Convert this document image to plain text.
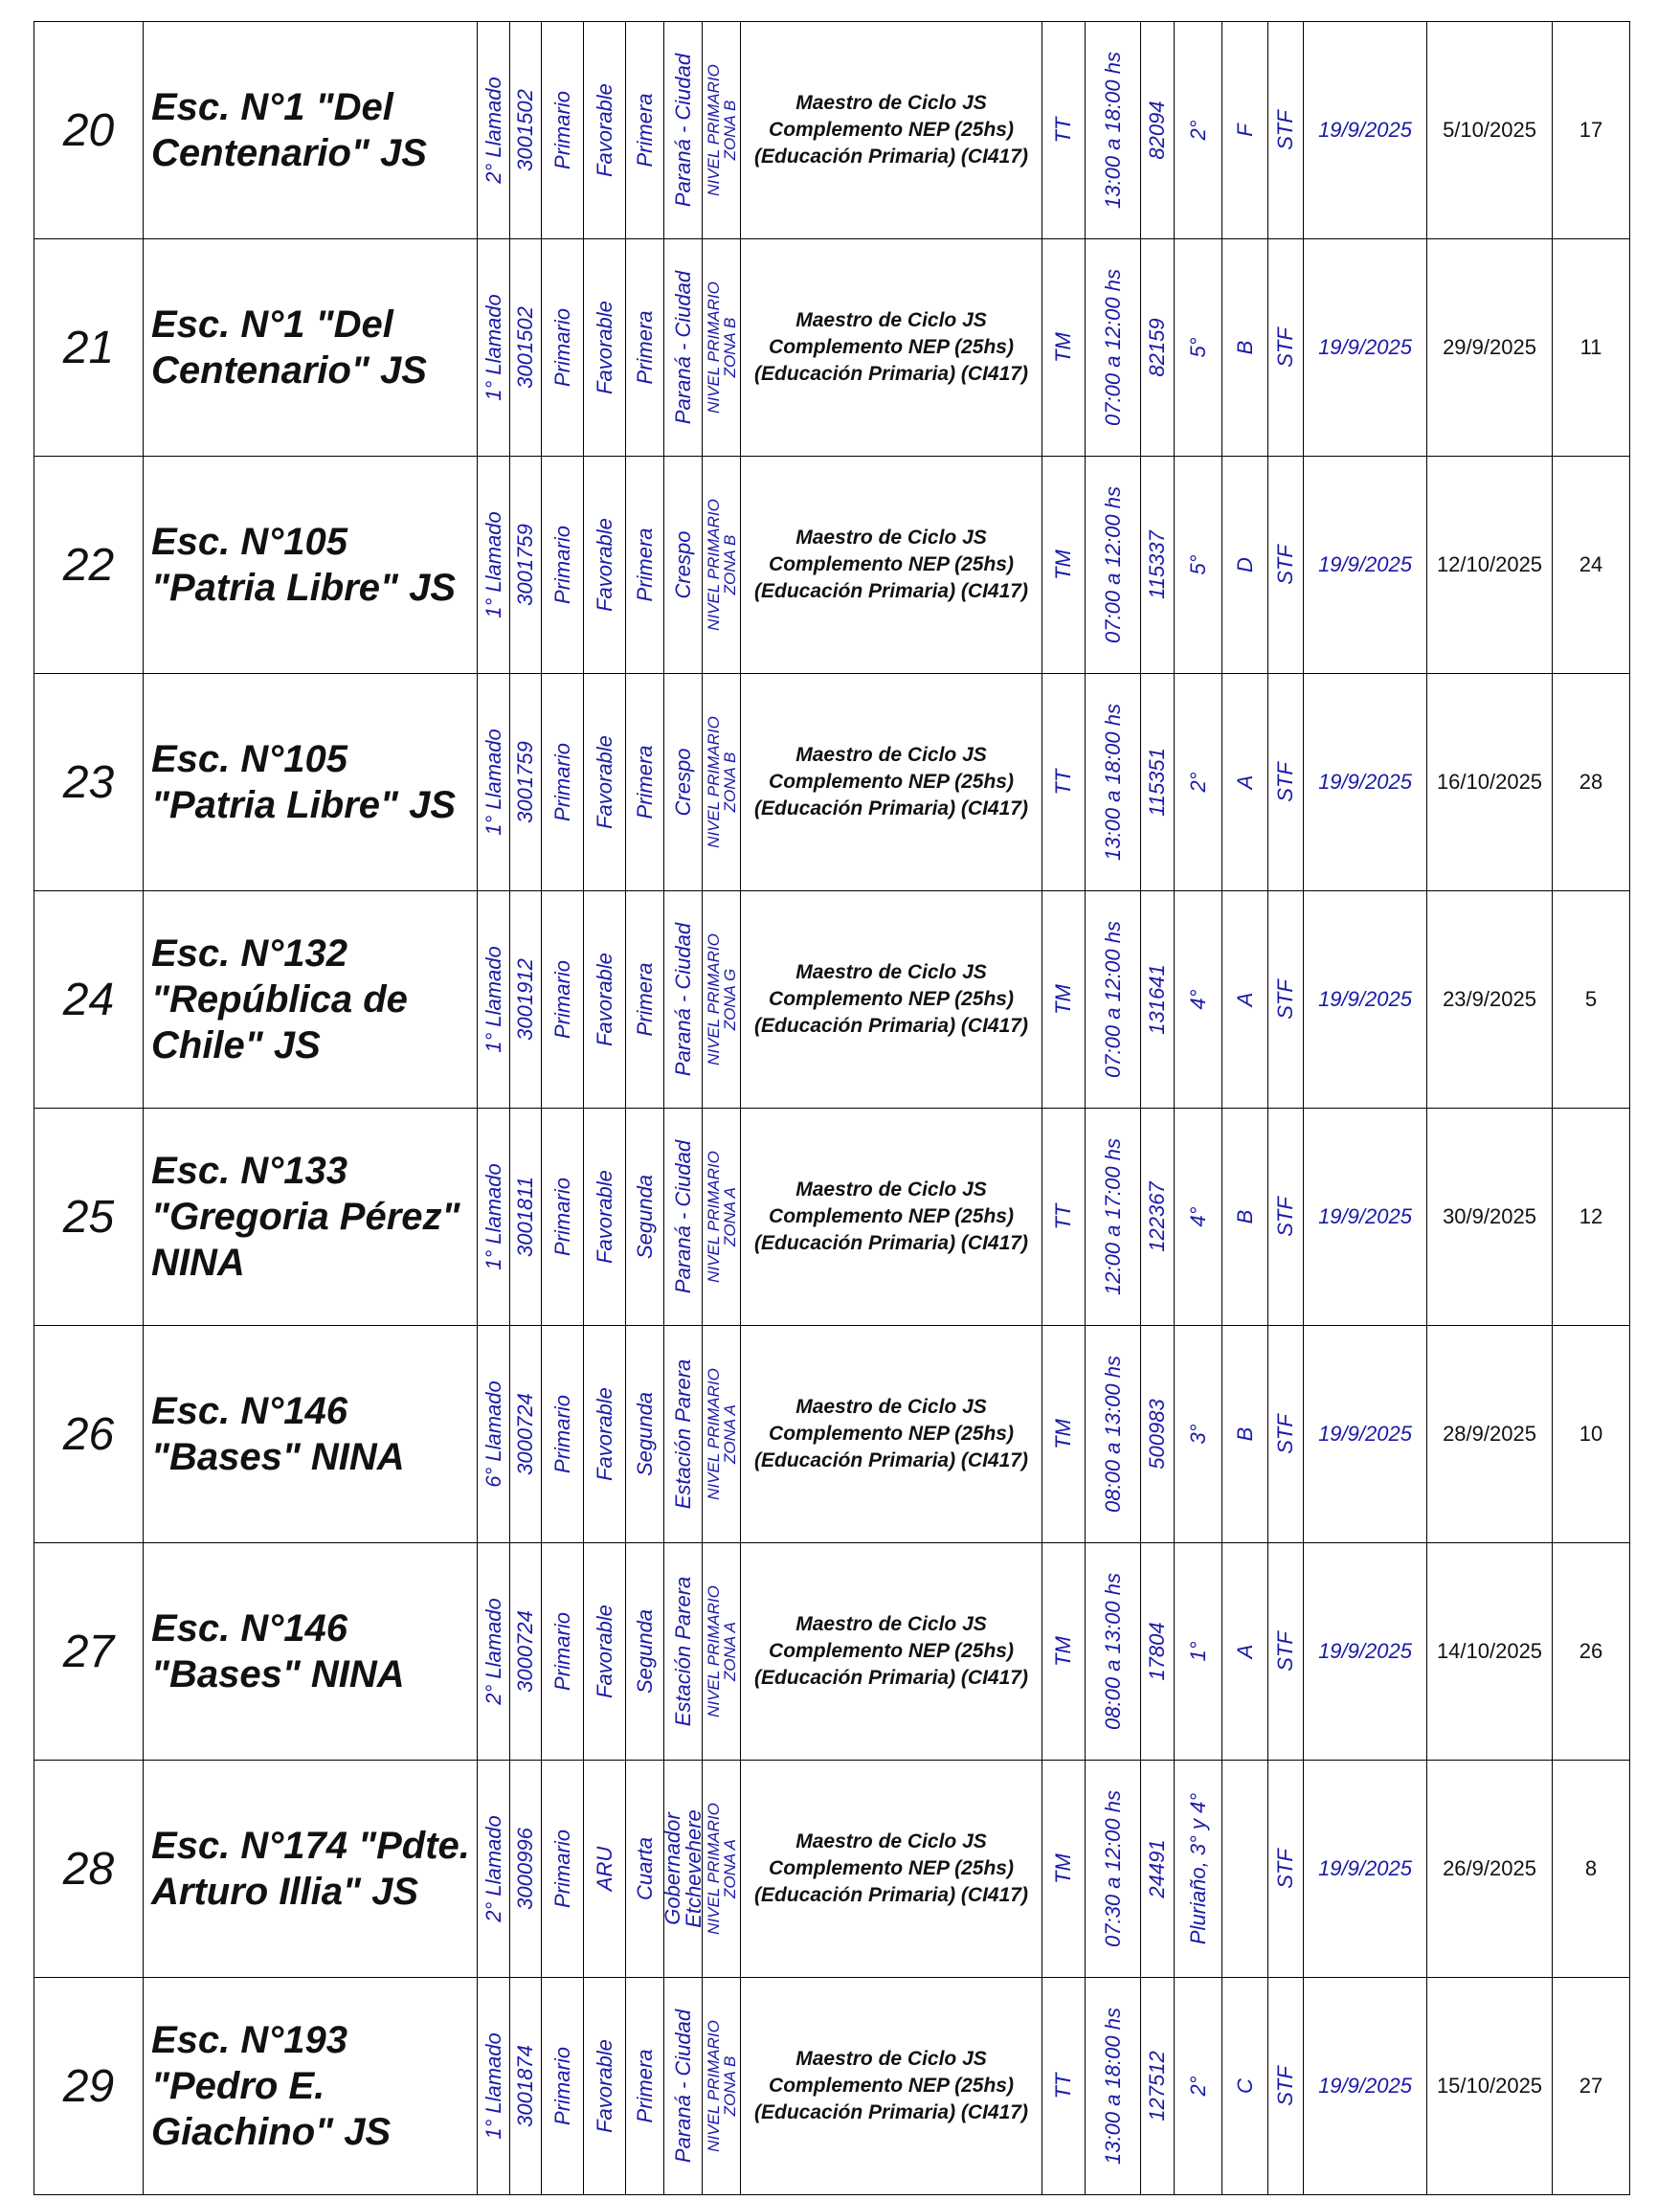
20	Esc. N°1 "Del Centenario" JS	2° Llamado	3001502	Primario	Favorable	Primera	Paraná - Ciudad	NIVEL PRIMARIO
ZONA B	Maestro de Ciclo JS Complemento NEP (25hs) (Educación Primaria) (CI417)	TT	13:00 a 18:00 hs	82094	2°	F	STF	19/9/2025	5/10/2025	17
21	Esc. N°1 "Del Centenario" JS	1° Llamado	3001502	Primario	Favorable	Primera	Paraná - Ciudad	NIVEL PRIMARIO
ZONA B	Maestro de Ciclo JS Complemento NEP (25hs) (Educación Primaria) (CI417)	TM	07:00 a 12:00 hs	82159	5°	B	STF	19/9/2025	29/9/2025	11
22	Esc. N°105 "Patria Libre" JS	1° Llamado	3001759	Primario	Favorable	Primera	Crespo	NIVEL PRIMARIO
ZONA B	Maestro de Ciclo JS Complemento NEP (25hs) (Educación Primaria) (CI417)	TM	07:00 a 12:00 hs	115337	5°	D	STF	19/9/2025	12/10/2025	24
23	Esc. N°105 "Patria Libre" JS	1° Llamado	3001759	Primario	Favorable	Primera	Crespo	NIVEL PRIMARIO
ZONA B	Maestro de Ciclo JS Complemento NEP (25hs) (Educación Primaria) (CI417)	TT	13:00 a 18:00 hs	115351	2°	A	STF	19/9/2025	16/10/2025	28
24	Esc. N°132 "República de Chile" JS	1° Llamado	3001912	Primario	Favorable	Primera	Paraná - Ciudad	NIVEL PRIMARIO
ZONA G	Maestro de Ciclo JS Complemento NEP (25hs) (Educación Primaria) (CI417)	TM	07:00 a 12:00 hs	131641	4°	A	STF	19/9/2025	23/9/2025	5
25	Esc. N°133 "Gregoria Pérez" NINA	1° Llamado	3001811	Primario	Favorable	Segunda	Paraná - Ciudad	NIVEL PRIMARIO
ZONA A	Maestro de Ciclo JS Complemento NEP (25hs) (Educación Primaria) (CI417)	TT	12:00 a 17:00 hs	122367	4°	B	STF	19/9/2025	30/9/2025	12
26	Esc. N°146 "Bases" NINA	6° Llamado	3000724	Primario	Favorable	Segunda	Estación Parera	NIVEL PRIMARIO
ZONA A	Maestro de Ciclo JS Complemento NEP (25hs) (Educación Primaria) (CI417)	TM	08:00 a 13:00 hs	500983	3°	B	STF	19/9/2025	28/9/2025	10
27	Esc. N°146 "Bases" NINA	2° Llamado	3000724	Primario	Favorable	Segunda	Estación Parera	NIVEL PRIMARIO
ZONA A	Maestro de Ciclo JS Complemento NEP (25hs) (Educación Primaria) (CI417)	TM	08:00 a 13:00 hs	17804	1°	A	STF	19/9/2025	14/10/2025	26
28	Esc. N°174 "Pdte. Arturo Illia" JS	2° Llamado	3000996	Primario	ARU	Cuarta	Gobernador
Etchevehere	NIVEL PRIMARIO
ZONA A	Maestro de Ciclo JS Complemento NEP (25hs) (Educación Primaria) (CI417)	TM	07:30 a 12:00 hs	24491	Pluriaño, 3° y 4°		STF	19/9/2025	26/9/2025	8
29	Esc. N°193 "Pedro E. Giachino" JS	1° Llamado	3001874	Primario	Favorable	Primera	Paraná - Ciudad	NIVEL PRIMARIO
ZONA B	Maestro de Ciclo JS Complemento NEP (25hs) (Educación Primaria) (CI417)	TT	13:00 a 18:00 hs	127512	2°	C	STF	19/9/2025	15/10/2025	27
